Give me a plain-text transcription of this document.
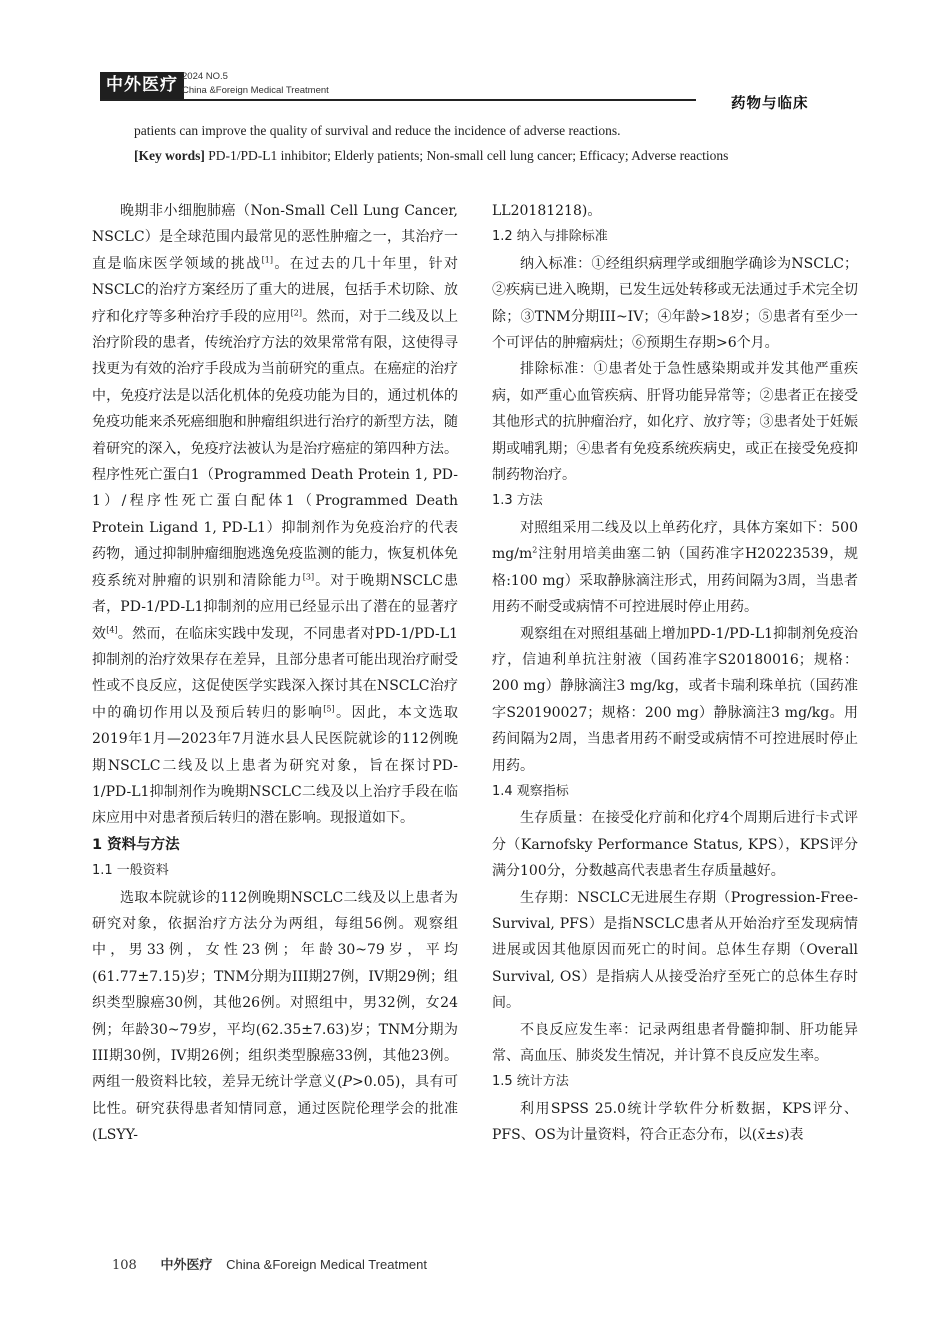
中外医疗 2024 NO.5
China &Foreign Medical Treatment
药物与临床
patients can improve the quality of survival and reduce the incidence of adverse reactions.
[Key words] PD-1/PD-L1 inhibitor; Elderly patients; Non-small cell lung cancer; Efficacy; Adverse reactions

晚期非小细胞肺癌（Non-Small Cell Lung Cancer, NSCLC）是全球范围内最常见的恶性肿瘤之一，其治疗一直是临床医学领域的挑战[1]。在过去的几十年里，针对NSCLC的治疗方案经历了重大的进展，包括手术切除、放疗和化疗等多种治疗手段的应用[2]。然而，对于二线及以上治疗阶段的患者，传统治疗方法的效果常常有限，这使得寻找更为有效的治疗手段成为当前研究的重点。在癌症的治疗中，免疫疗法是以活化机体的免疫功能为目的，通过机体的免疫功能来杀死癌细胞和肿瘤组织进行治疗的新型方法，随着研究的深入，免疫疗法被认为是治疗癌症的第四种方法。程序性死亡蛋白1（Programmed Death Protein 1, PD-1）/程序性死亡蛋白配体1（Programmed Death Protein Ligand 1, PD-L1）抑制剂作为免疫治疗的代表药物，通过抑制肿瘤细胞逃逸免疫监测的能力，恢复机体免疫系统对肿瘤的识别和清除能力[3]。对于晚期NSCLC患者，PD-1/PD-L1抑制剂的应用已经显示出了潜在的显著疗效[4]。然而，在临床实践中发现，不同患者对PD-1/PD-L1抑制剂的治疗效果存在差异，且部分患者可能出现治疗耐受性或不良反应，这促使医学实践深入探讨其在NSCLC治疗中的确切作用以及预后转归的影响[5]。因此，本文选取2019年1月—2023年7月涟水县人民医院就诊的112例晚期NSCLC二线及以上患者为研究对象，旨在探讨PD-1/PD-L1抑制剂作为晚期NSCLC二线及以上治疗手段在临床应用中对患者预后转归的潜在影响。现报道如下。

1 资料与方法

1.1 一般资料

选取本院就诊的112例晚期NSCLC二线及以上患者为研究对象，依据治疗方法分为两组，每组56例。观察组中，男33例，女性23例；年龄30~79岁，平均(61.77±7.15)岁；TNM分期为III期27例，IV期29例；组织类型腺癌30例，其他26例。对照组中，男32例，女24例；年龄30~79岁，平均(62.35±7.63)岁；TNM分期为III期30例，IV期26例；组织类型腺癌33例，其他23例。两组一般资料比较，差异无统计学意义(P>0.05)，具有可比性。研究获得患者知情同意，通过医院伦理学会的批准(LSYY-

LL20181218)。

1.2 纳入与排除标准

纳入标准：①经组织病理学或细胞学确诊为NSCLC；②疾病已进入晚期，已发生远处转移或无法通过手术完全切除；③TNM分期III~IV；④年龄>18岁；⑤患者有至少一个可评估的肿瘤病灶；⑥预期生存期>6个月。

排除标准：①患者处于急性感染期或并发其他严重疾病，如严重心血管疾病、肝肾功能异常等；②患者正在接受其他形式的抗肿瘤治疗，如化疗、放疗等；③患者处于妊娠期或哺乳期；④患者有免疫系统疾病史，或正在接受免疫抑制药物治疗。

1.3 方法

对照组采用二线及以上单药化疗，具体方案如下：500 $mg/m^2$注射用培美曲塞二钠（国药准字H20223539，规格:100 mg）采取静脉滴注形式，用药间隔为3周，当患者用药不耐受或病情不可控进展时停止用药。

观察组在对照组基础上增加PD-1/PD-L1抑制剂免疫治疗，信迪利单抗注射液（国药准字S20180016；规格：200 mg）静脉滴注3 mg/kg，或者卡瑞利珠单抗（国药准字S20190027；规格：200 mg）静脉滴注3 mg/kg。用药间隔为2周，当患者用药不耐受或病情不可控进展时停止用药。

1.4 观察指标

生存质量：在接受化疗前和化疗4个周期后进行卡式评分（Karnofsky Performance Status, KPS），KPS评分满分100分，分数越高代表患者生存质量越好。

生存期：NSCLC无进展生存期（Progression-Free-Survival, PFS）是指NSCLC患者从开始治疗至发现病情进展或因其他原因而死亡的时间。总体生存期（Overall Survival, OS）是指病人从接受治疗至死亡的总体生存时间。

不良反应发生率：记录两组患者骨髓抑制、肝功能异常、高血压、肺炎发生情况，并计算不良反应发生率。

1.5 统计方法

利用SPSS 25.0统计学软件分析数据，KPS评分、PFS、OS为计量资料，符合正态分布，以(x̄±s)表

108 中外医疗 China &Foreign Medical Treatment
